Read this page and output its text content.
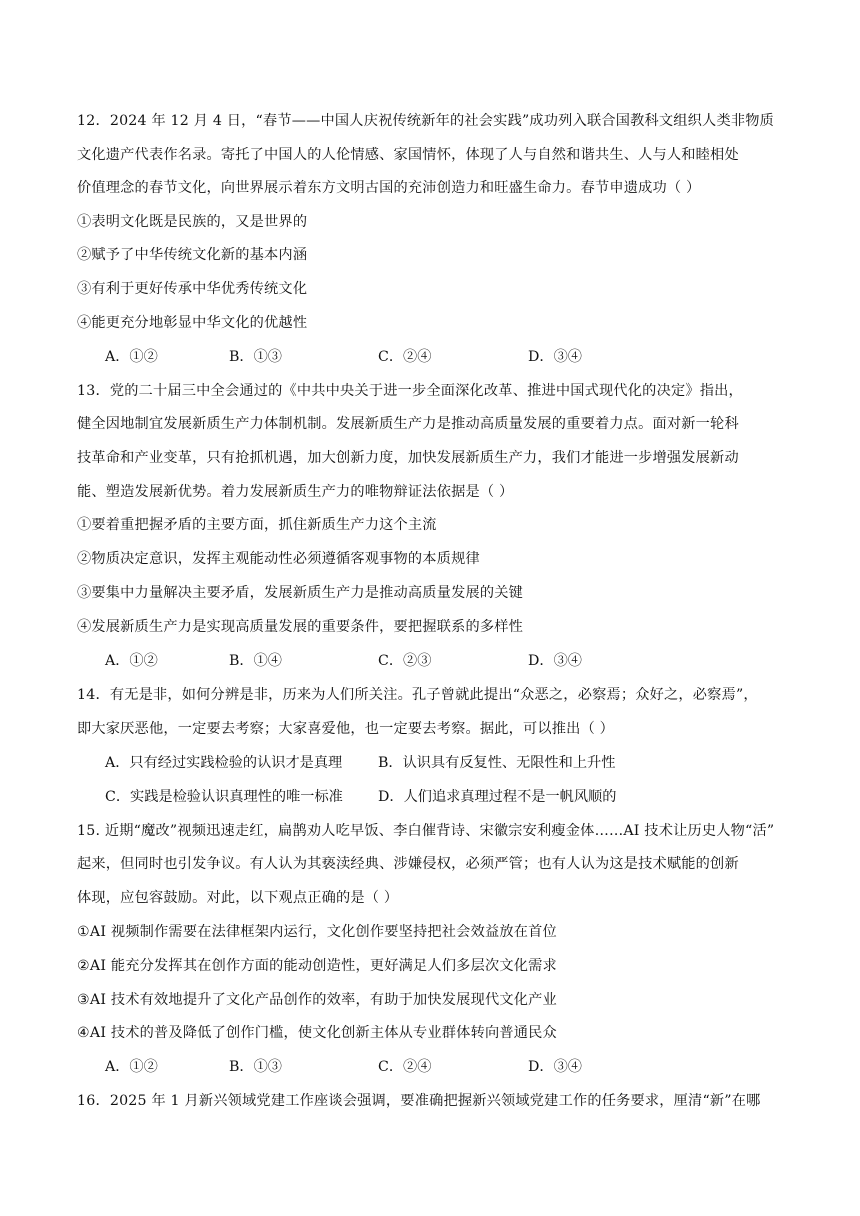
12．2024 年 12 月 4 日，“春节——中国人庆祝传统新年的社会实践”成功列入联合国教科文组织人类非物质
文化遗产代表作名录。寄托了中国人的人伦情感、家国情怀，体现了人与自然和谐共生、人与人和睦相处
价值理念的春节文化，向世界展示着东方文明古国的充沛创造力和旺盛生命力。春节申遗成功（ ）
①表明文化既是民族的，又是世界的
②赋予了中华传统文化新的基本内涵
③有利于更好传承中华优秀传统文化
④能更充分地彰显中华文化的优越性
A．①②	B．①③	C．②④	D．③④
13．党的二十届三中全会通过的《中共中央关于进一步全面深化改革、推进中国式现代化的决定》指出，
健全因地制宜发展新质生产力体制机制。发展新质生产力是推动高质量发展的重要着力点。面对新一轮科
技革命和产业变革，只有抢抓机遇，加大创新力度，加快发展新质生产力，我们才能进一步增强发展新动
能、塑造发展新优势。着力发展新质生产力的唯物辩证法依据是（ ）
①要着重把握矛盾的主要方面，抓住新质生产力这个主流
②物质决定意识，发挥主观能动性必须遵循客观事物的本质规律
③要集中力量解决主要矛盾，发展新质生产力是推动高质量发展的关键
④发展新质生产力是实现高质量发展的重要条件，要把握联系的多样性
A．①②	B．①④	C．②③	D．③④
14．有无是非，如何分辨是非，历来为人们所关注。孔子曾就此提出“众恶之，必察焉；众好之，必察焉”，
即大家厌恶他，一定要去考察；大家喜爱他，也一定要去考察。据此，可以推出（ ）
A．只有经过实践检验的认识才是真理	B．认识具有反复性、无限性和上升性
C．实践是检验认识真理性的唯一标准 D．人们追求真理过程不是一帆风顺的
15. 近期“魔改”视频迅速走红，扁鹊劝人吃早饭、李白催背诗、宋徽宗安利瘦金体……AI 技术让历史人物“活”
起来，但同时也引发争议。有人认为其亵渎经典、涉嫌侵权，必须严管；也有人认为这是技术赋能的创新
体现，应包容鼓励。对此，以下观点正确的是（ ）
①AI 视频制作需要在法律框架内运行，文化创作要坚持把社会效益放在首位
②AI 能充分发挥其在创作方面的能动创造性，更好满足人们多层次文化需求
③AI 技术有效地提升了文化产品创作的效率，有助于加快发展现代文化产业
④AI 技术的普及降低了创作门槛，使文化创新主体从专业群体转向普通民众
A．①②	B．①③	C．②④	D．③④
16．2025 年 1 月新兴领域党建工作座谈会强调，要准确把握新兴领域党建工作的任务要求，厘清“新”在哪
